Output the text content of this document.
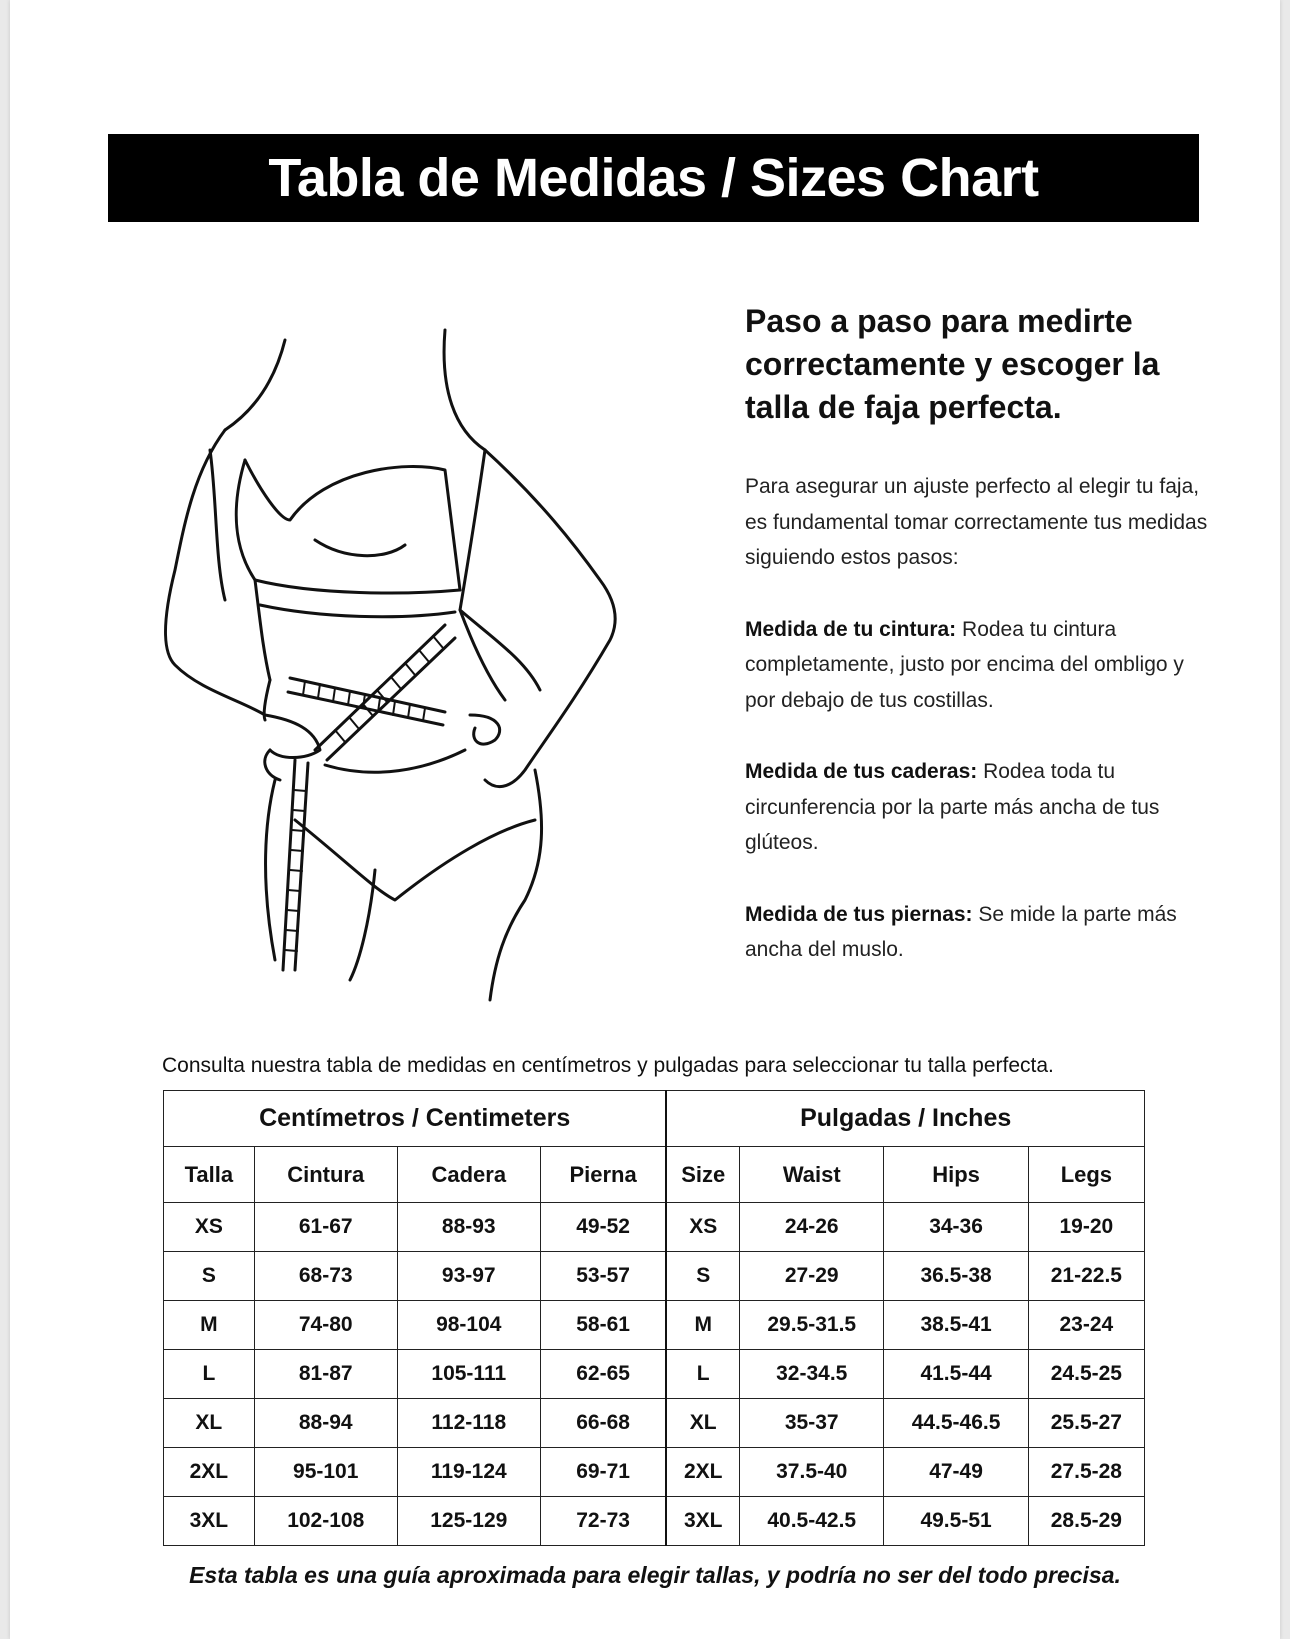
Tabla de Medidas / Sizes Chart
Paso a paso para medirte correctamente y escoger la talla de faja perfecta.

Para asegurar un ajuste perfecto al elegir tu faja, es fundamental tomar correctamente tus medidas siguiendo estos pasos:

Medida de tu cintura: Rodea tu cintura completamente, justo por encima del ombligo y por debajo de tus costillas.

Medida de tus caderas: Rodea toda tu circunferencia por la parte más ancha de tus glúteos.

Medida de tus piernas: Se mide la parte más ancha del muslo.

Consulta nuestra tabla de medidas en centímetros y pulgadas para seleccionar tu talla perfecta.
Centímetros / Centimeters				Pulgadas / Inches			
Talla	Cintura	Cadera	Pierna	Size	Waist	Hips	Legs
XS	61-67	88-93	49-52	XS	24-26	34-36	19-20
S	68-73	93-97	53-57	S	27-29	36.5-38	21-22.5
M	74-80	98-104	58-61	M	29.5-31.5	38.5-41	23-24
L	81-87	105-111	62-65	L	32-34.5	41.5-44	24.5-25
XL	88-94	112-118	66-68	XL	35-37	44.5-46.5	25.5-27
2XL	95-101	119-124	69-71	2XL	37.5-40	47-49	27.5-28
3XL	102-108	125-129	72-73	3XL	40.5-42.5	49.5-51	28.5-29
Esta tabla es una guía aproximada para elegir tallas, y podría no ser del todo precisa.
